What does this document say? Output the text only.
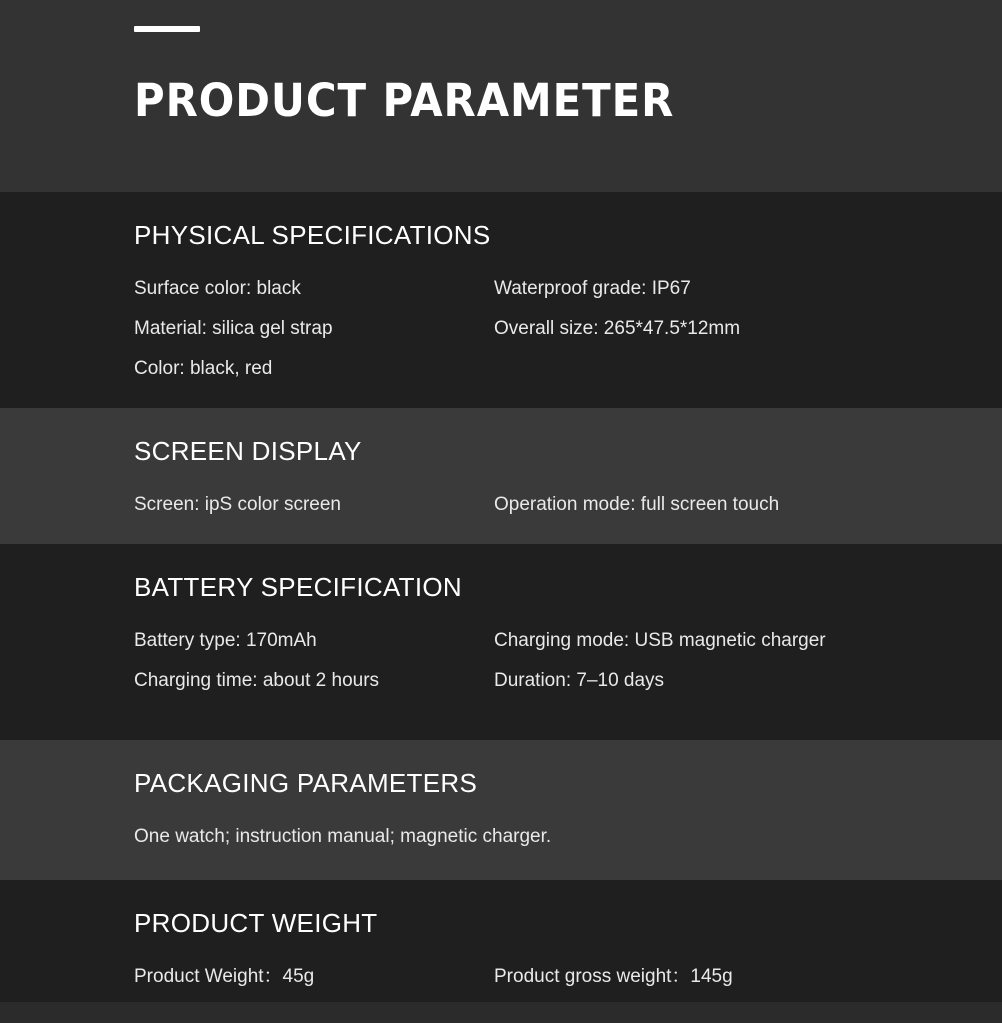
PRODUCT PARAMETER
PHYSICAL SPECIFICATIONS
Surface color: black	Waterproof grade: IP67
Material: silica gel strap	Overall size: 265*47.5*12mm
Color: black, red
SCREEN DISPLAY
Screen: ipS color screen	Operation mode: full screen touch
BATTERY SPECIFICATION
Battery type: 170mAh	Charging mode: USB magnetic charger
Charging time: about 2 hours	Duration: 7–10 days
PACKAGING PARAMETERS
One watch; instruction manual; magnetic charger.
PRODUCT WEIGHT
Product Weight：45g	Product gross weight：145g
